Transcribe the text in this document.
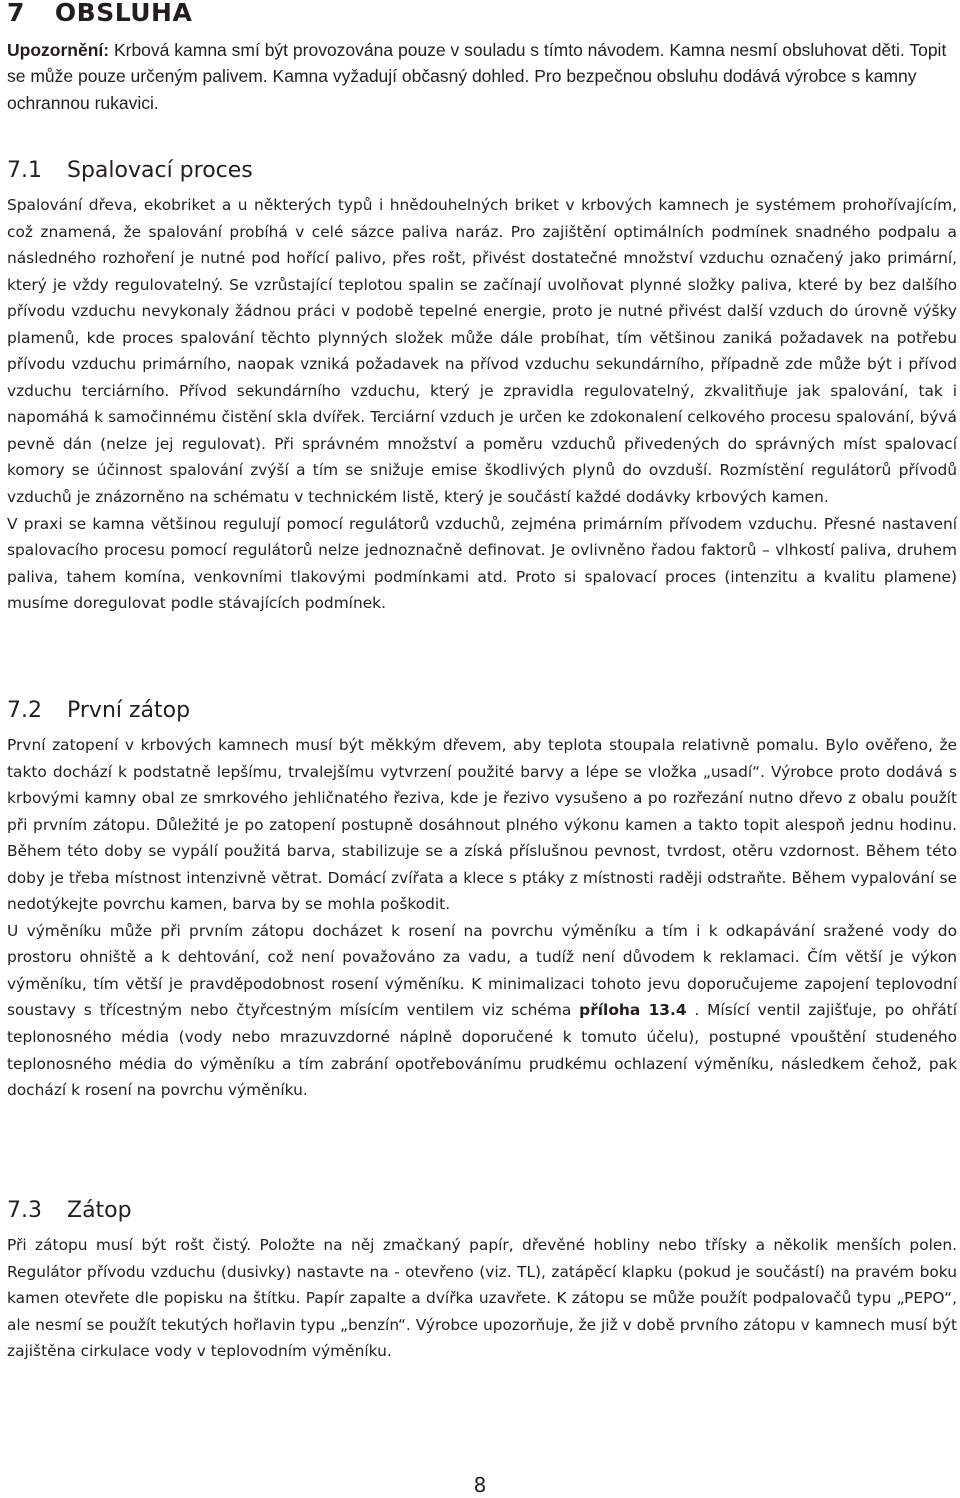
7 OBSLUHA

Upozornění: Krbová kamna smí být provozována pouze v souladu s tímto návodem. Kamna nesmí obsluhovat děti. Topit se může pouze určeným palivem. Kamna vyžadují občasný dohled. Pro bezpečnou obsluhu dodává výrobce s kamny ochrannou rukavici.

7.1 Spalovací proces

Spalování dřeva, ekobriket a u některých typů i hnědouhelných briket v krbových kamnech je systémem prohořívajícím, což znamená, že spalování probíhá v celé sázce paliva naráz. Pro zajištění optimálních podmínek snadného podpalu a následného rozhoření je nutné pod hořící palivo, přes rošt, přivést dostatečné množství vzduchu označený jako primární, který je vždy regulovatelný. Se vzrůstající teplotou spalin se začínají uvolňovat plynné složky paliva, které by bez dalšího přívodu vzduchu nevykonaly žádnou práci v podobě tepelné energie, proto je nutné přivést další vzduch do úrovně výšky plamenů, kde proces spalování těchto plynných složek může dále probíhat, tím většinou zaniká požadavek na potřebu přívodu vzduchu primárního, naopak vzniká požadavek na přívod vzduchu sekundárního, případně zde může být i přívod vzduchu terciárního. Přívod sekundárního vzduchu, který je zpravidla regulovatelný, zkvalitňuje jak spalování, tak i napomáhá k samočinnému čistění skla dvířek. Terciární vzduch je určen ke zdokonalení celkového procesu spalování, bývá pevně dán (nelze jej regulovat). Při správném množství a poměru vzduchů přivedených do správných míst spalovací komory se účinnost spalování zvýší a tím se snižuje emise škodlivých plynů do ovzduší. Rozmístění regulátorů přívodů vzduchů je znázorněno na schématu v technickém listě, který je součástí každé dodávky krbových kamen.

V praxi se kamna většinou regulují pomocí regulátorů vzduchů, zejména primárním přívodem vzduchu. Přesné nastavení spalovacího procesu pomocí regulátorů nelze jednoznačně definovat. Je ovlivněno řadou faktorů – vlhkostí paliva, druhem paliva, tahem komína, venkovními tlakovými podmínkami atd. Proto si spalovací proces (intenzitu a kvalitu plamene) musíme doregulovat podle stávajících podmínek.

7.2 První zátop

První zatopení v krbových kamnech musí být měkkým dřevem, aby teplota stoupala relativně pomalu. Bylo ověřeno, že takto dochází k podstatně lepšímu, trvalejšímu vytvrzení použité barvy a lépe se vložka „usadí“. Výrobce proto dodává s krbovými kamny obal ze smrkového jehličnatého řeziva, kde je řezivo vysušeno a po rozřezání nutno dřevo z obalu použít při prvním zátopu. Důležité je po zatopení postupně dosáhnout plného výkonu kamen a takto topit alespoň jednu hodinu. Během této doby se vypálí použitá barva, stabilizuje se a získá příslušnou pevnost, tvrdost, otěru vzdornost. Během této doby je třeba místnost intenzivně větrat. Domácí zvířata a klece s ptáky z místnosti raději odstraňte. Během vypalování se nedotýkejte povrchu kamen, barva by se mohla poškodit.

U výměníku může při prvním zátopu docházet k rosení na povrchu výměníku a tím i k odkapávání sražené vody do prostoru ohniště a k dehtování, což není považováno za vadu, a tudíž není důvodem k reklamaci. Čím větší je výkon výměníku, tím větší je pravděpodobnost rosení výměníku. K minimalizaci tohoto jevu doporučujeme zapojení teplovodní soustavy s třícestným nebo čtyřcestným mísícím ventilem viz schéma příloha 13.4 . Mísící ventil zajišťuje, po ohřátí teplonosného média (vody nebo mrazuvzdorné náplně doporučené k tomuto účelu), postupné vpouštění studeného teplonosného média do výměníku a tím zabrání opotřebovánímu prudkému ochlazení výměníku, následkem čehož, pak dochází k rosení na povrchu výměníku.

7.3 Zátop

Při zátopu musí být rošt čistý. Položte na něj zmačkaný papír, dřevěné hobliny nebo třísky a několik menších polen. Regulátor přívodu vzduchu (dusivky) nastavte na - otevřeno (viz. TL), zatápěcí klapku (pokud je součástí) na pravém boku kamen otevřete dle popisku na štítku. Papír zapalte a dvířka uzavřete. K zátopu se může použít podpalovačů typu „PEPO“, ale nesmí se použít tekutých hořlavin typu „benzín“. Výrobce upozorňuje, že již v době prvního zátopu v kamnech musí být zajištěna cirkulace vody v teplovodním výměníku.

8
